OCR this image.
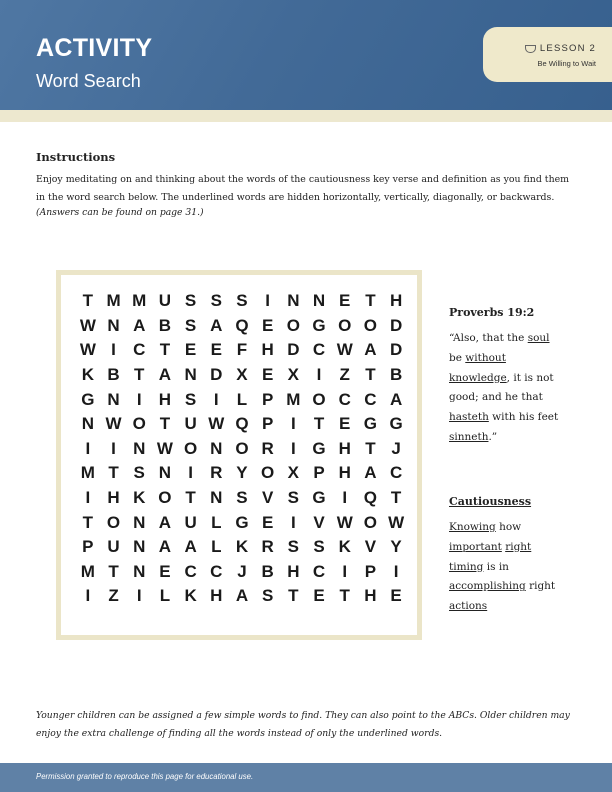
ACTIVITY
Word Search
LESSON 2
Be Willing to Wait
Instructions
Enjoy meditating on and thinking about the words of the cautiousness key verse and definition as you find them in the word search below. The underlined words are hidden horizontally, vertically, diagonally, or backwards.
(Answers can be found on page 31.)
T M M U S S S	I	N N E T H
W N A B S A Q E O G O O D
W I	C T E E F H D C W A D
K B T A N D X E X	I	Z T B
G N	I	H S	I	L P M O C C A
N W O T U W Q P	I	T E G G
I	I	N W O N O R	I G H T J
M T S N	I	R Y O X P H A C
I	H K O T N S V S G I Q T
T O N A U L G E	I	V W O W
P U N A A L K R S S K V Y
M T N E C C J B H C	I	P	I
I	Z	I	L K H A S T E T H E
Proverbs 19:2
“Also, that the soul be without knowledge, it is not good; and he that hasteth with his feet sinneth.”
Cautiousness
Knowing how important right timing is in accomplishing right actions
Younger children can be assigned a few simple words to find. They can also point to the ABCs. Older children may enjoy the extra challenge of finding all the words instead of only the underlined words.
Permission granted to reproduce this page for educational use.
